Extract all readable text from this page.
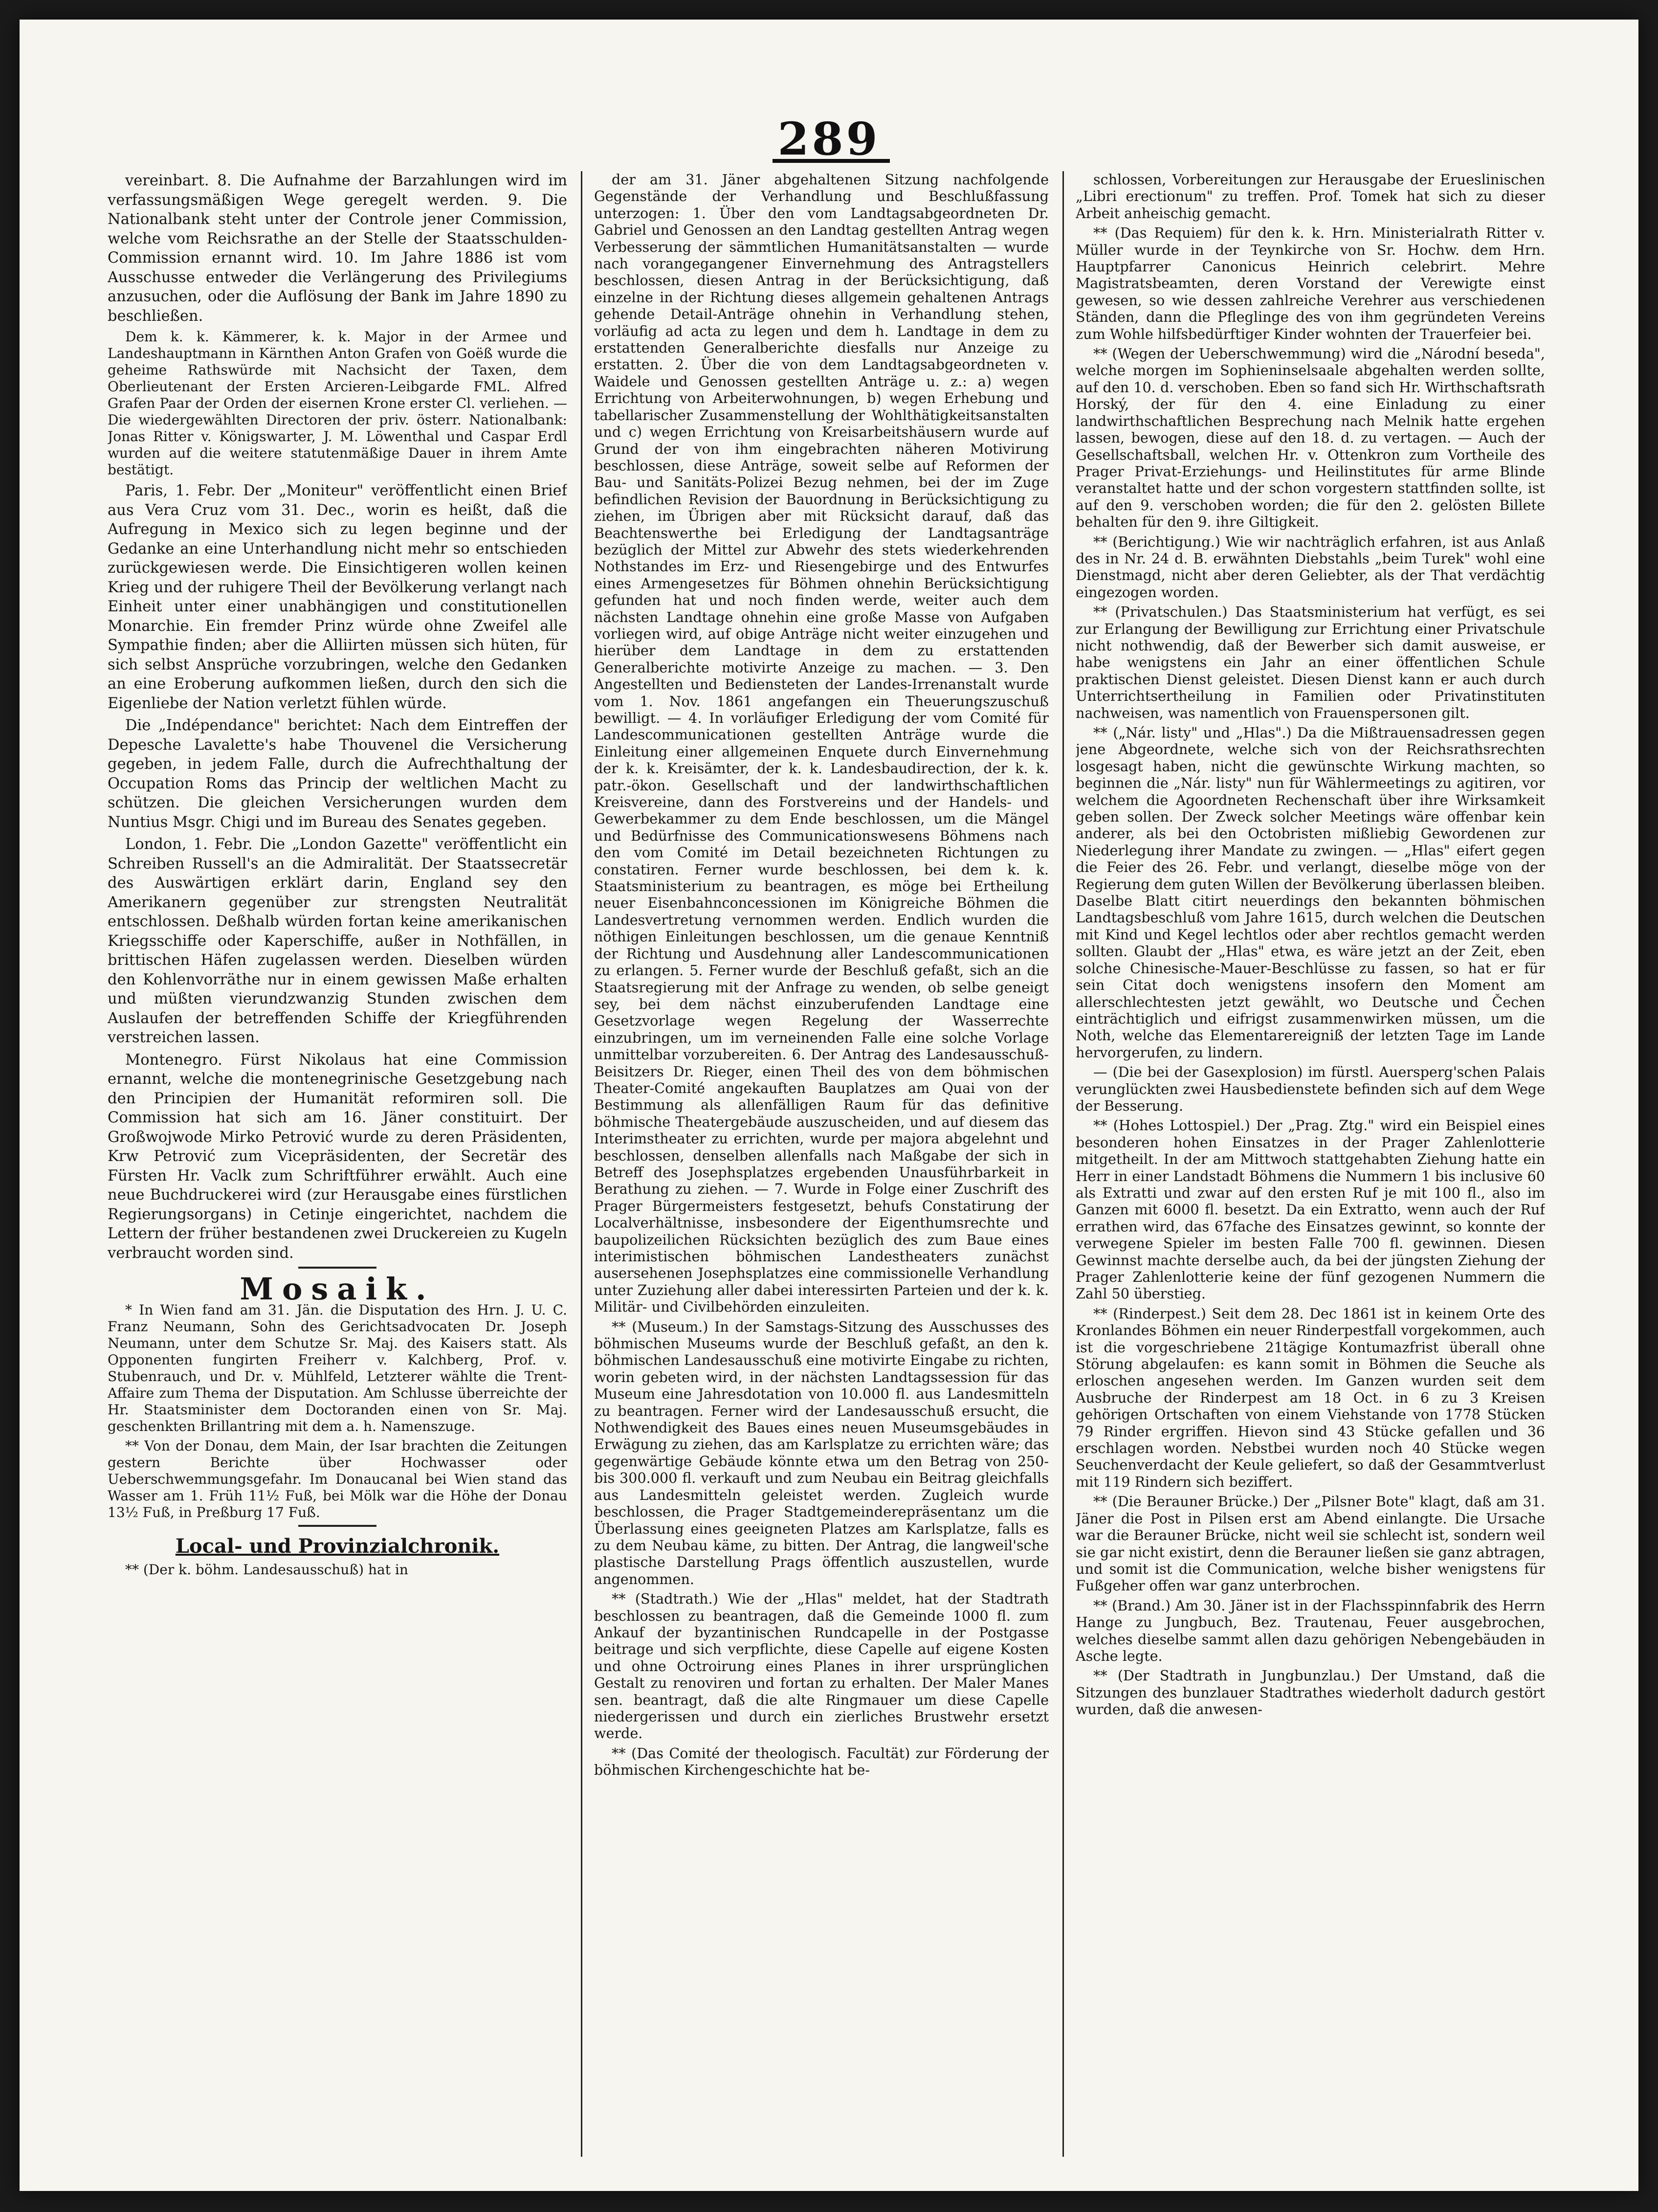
289

vereinbart. 8. Die Aufnahme der Barzahlungen wird im verfassungsmäßigen Wege geregelt werden. 9. Die Nationalbank steht unter der Controle jener Commission, welche vom Reichsrathe an der Stelle der Staatsschulden-Commission ernannt wird. 10. Im Jahre 1886 ist vom Ausschusse entweder die Verlängerung des Privilegiums anzusuchen, oder die Auflösung der Bank im Jahre 1890 zu beschließen.

Dem k. k. Kämmerer, k. k. Major in der Armee und Landeshauptmann in Kärnthen Anton Grafen von Goëß wurde die geheime Rathswürde mit Nachsicht der Taxen, dem Oberlieutenant der Ersten Arcieren-Leibgarde FML. Alfred Grafen Paar der Orden der eisernen Krone erster Cl. verliehen. — Die wiedergewählten Directoren der priv. österr. Nationalbank: Jonas Ritter v. Königswarter, J. M. Löwenthal und Caspar Erdl wurden auf die weitere statutenmäßige Dauer in ihrem Amte bestätigt.

Paris, 1. Febr. Der „Moniteur" veröffentlicht einen Brief aus Vera Cruz vom 31. Dec., worin es heißt, daß die Aufregung in Mexico sich zu legen beginne und der Gedanke an eine Unterhandlung nicht mehr so entschieden zurückgewiesen werde. Die Einsichtigeren wollen keinen Krieg und der ruhigere Theil der Bevölkerung verlangt nach Einheit unter einer unabhängigen und constitutionellen Monarchie. Ein fremder Prinz würde ohne Zweifel alle Sympathie finden; aber die Alliirten müssen sich hüten, für sich selbst Ansprüche vorzubringen, welche den Gedanken an eine Eroberung aufkommen ließen, durch den sich die Eigenliebe der Nation verletzt fühlen würde.

Die „Indépendance" berichtet: Nach dem Eintreffen der Depesche Lavalette's habe Thouvenel die Versicherung gegeben, in jedem Falle, durch die Aufrechthaltung der Occupation Roms das Princip der weltlichen Macht zu schützen. Die gleichen Versicherungen wurden dem Nuntius Msgr. Chigi und im Bureau des Senates gegeben.

London, 1. Febr. Die „London Gazette" veröffentlicht ein Schreiben Russell's an die Admiralität. Der Staatssecretär des Auswärtigen erklärt darin, England sey den Amerikanern gegenüber zur strengsten Neutralität entschlossen. Deßhalb würden fortan keine amerikanischen Kriegsschiffe oder Kaperschiffe, außer in Nothfällen, in brittischen Häfen zugelassen werden. Dieselben würden den Kohlenvorräthe nur in einem gewissen Maße erhalten und müßten vierundzwanzig Stunden zwischen dem Auslaufen der betreffenden Schiffe der Kriegführenden verstreichen lassen.

Montenegro. Fürst Nikolaus hat eine Commission ernannt, welche die montenegrinische Gesetzgebung nach den Principien der Humanität reformiren soll. Die Commission hat sich am 16. Jäner constituirt. Der Großwojwode Mirko Petrović wurde zu deren Präsidenten, Krw Petrović zum Vicepräsidenten, der Secretär des Fürsten Hr. Vaclk zum Schriftführer erwählt. Auch eine neue Buchdruckerei wird (zur Herausgabe eines fürstlichen Regierungsorgans) in Cetinje eingerichtet, nachdem die Lettern der früher bestandenen zwei Druckereien zu Kugeln verbraucht worden sind.

Mosaik.

* In Wien fand am 31. Jän. die Disputation des Hrn. J. U. C. Franz Neumann, Sohn des Gerichtsadvocaten Dr. Joseph Neumann, unter dem Schutze Sr. Maj. des Kaisers statt. Als Opponenten fungirten Freiherr v. Kalchberg, Prof. v. Stubenrauch, und Dr. v. Mühlfeld, Letzterer wählte die Trent-Affaire zum Thema der Disputation. Am Schlusse überreichte der Hr. Staatsminister dem Doctoranden einen von Sr. Maj. geschenkten Brillantring mit dem a. h. Namenszuge.

** Von der Donau, dem Main, der Isar brachten die Zeitungen gestern Berichte über Hochwasser oder Ueberschwemmungsgefahr. Im Donaucanal bei Wien stand das Wasser am 1. Früh 11½ Fuß, bei Mölk war die Höhe der Donau 13½ Fuß, in Preßburg 17 Fuß.

Local- und Provinzialchronik.

** (Der k. böhm. Landesausschuß) hat in

der am 31. Jäner abgehaltenen Sitzung nachfolgende Gegenstände der Verhandlung und Beschlußfassung unterzogen: 1. Über den vom Landtagsabgeordneten Dr. Gabriel und Genossen an den Landtag gestellten Antrag wegen Verbesserung der sämmtlichen Humanitätsanstalten — wurde nach vorangegangener Einvernehmung des Antragstellers beschlossen, diesen Antrag in der Berücksichtigung, daß einzelne in der Richtung dieses allgemein gehaltenen Antrags gehende Detail-Anträge ohnehin in Verhandlung stehen, vorläufig ad acta zu legen und dem h. Landtage in dem zu erstattenden Generalberichte diesfalls nur Anzeige zu erstatten. 2. Über die von dem Landtagsabgeordneten v. Waidele und Genossen gestellten Anträge u. z.: a) wegen Errichtung von Arbeiterwohnungen, b) wegen Erhebung und tabellarischer Zusammenstellung der Wohlthätigkeitsanstalten und c) wegen Errichtung von Kreisarbeitshäusern wurde auf Grund der von ihm eingebrachten näheren Motivirung beschlossen, diese Anträge, soweit selbe auf Reformen der Bau- und Sanitäts-Polizei Bezug nehmen, bei der im Zuge befindlichen Revision der Bauordnung in Berücksichtigung zu ziehen, im Übrigen aber mit Rücksicht darauf, daß das Beachtenswerthe bei Erledigung der Landtagsanträge bezüglich der Mittel zur Abwehr des stets wiederkehrenden Nothstandes im Erz- und Riesengebirge und des Entwurfes eines Armengesetzes für Böhmen ohnehin Berücksichtigung gefunden hat und noch finden werde, weiter auch dem nächsten Landtage ohnehin eine große Masse von Aufgaben vorliegen wird, auf obige Anträge nicht weiter einzugehen und hierüber dem Landtage in dem zu erstattenden Generalberichte motivirte Anzeige zu machen. — 3. Den Angestellten und Bediensteten der Landes-Irrenanstalt wurde vom 1. Nov. 1861 angefangen ein Theuerungszuschuß bewilligt. — 4. In vorläufiger Erledigung der vom Comité für Landescommunicationen gestellten Anträge wurde die Einleitung einer allgemeinen Enquete durch Einvernehmung der k. k. Kreisämter, der k. k. Landesbaudirection, der k. k. patr.-ökon. Gesellschaft und der landwirthschaftlichen Kreisvereine, dann des Forstvereins und der Handels- und Gewerbekammer zu dem Ende beschlossen, um die Mängel und Bedürfnisse des Communicationswesens Böhmens nach den vom Comité im Detail bezeichneten Richtungen zu constatiren. Ferner wurde beschlossen, bei dem k. k. Staatsministerium zu beantragen, es möge bei Ertheilung neuer Eisenbahnconcessionen im Königreiche Böhmen die Landesvertretung vernommen werden. Endlich wurden die nöthigen Einleitungen beschlossen, um die genaue Kenntniß der Richtung und Ausdehnung aller Landescommunicationen zu erlangen. 5. Ferner wurde der Beschluß gefaßt, sich an die Staatsregierung mit der Anfrage zu wenden, ob selbe geneigt sey, bei dem nächst einzuberufenden Landtage eine Gesetzvorlage wegen Regelung der Wasserrechte einzubringen, um im verneinenden Falle eine solche Vorlage unmittelbar vorzubereiten. 6. Der Antrag des Landesausschuß-Beisitzers Dr. Rieger, einen Theil des von dem böhmischen Theater-Comité angekauften Bauplatzes am Quai von der Bestimmung als allenfälligen Raum für das definitive böhmische Theatergebäude auszuscheiden, und auf diesem das Interimstheater zu errichten, wurde per majora abgelehnt und beschlossen, denselben allenfalls nach Maßgabe der sich in Betreff des Josephsplatzes ergebenden Unausführbarkeit in Berathung zu ziehen. — 7. Wurde in Folge einer Zuschrift des Prager Bürgermeisters festgesetzt, behufs Constatirung der Localverhältnisse, insbesondere der Eigenthumsrechte und baupolizeilichen Rücksichten bezüglich des zum Baue eines interimistischen böhmischen Landestheaters zunächst ausersehenen Josephsplatzes eine commissionelle Verhandlung unter Zuziehung aller dabei interessirten Parteien und der k. k. Militär- und Civilbehörden einzuleiten.

** (Museum.) In der Samstags-Sitzung des Ausschusses des böhmischen Museums wurde der Beschluß gefaßt, an den k. böhmischen Landesausschuß eine motivirte Eingabe zu richten, worin gebeten wird, in der nächsten Landtagssession für das Museum eine Jahresdotation von 10.000 fl. aus Landesmitteln zu beantragen. Ferner wird der Landesausschuß ersucht, die Nothwendigkeit des Baues eines neuen Museumsgebäudes in Erwägung zu ziehen, das am Karlsplatze zu errichten wäre; das gegenwärtige Gebäude könnte etwa um den Betrag von 250- bis 300.000 fl. verkauft und zum Neubau ein Beitrag gleichfalls aus Landesmitteln geleistet werden. Zugleich wurde beschlossen, die Prager Stadtgemeinderepräsentanz um die Überlassung eines geeigneten Platzes am Karlsplatze, falls es zu dem Neubau käme, zu bitten. Der Antrag, die langweil'sche plastische Darstellung Prags öffentlich auszustellen, wurde angenommen.

** (Stadtrath.) Wie der „Hlas" meldet, hat der Stadtrath beschlossen zu beantragen, daß die Gemeinde 1000 fl. zum Ankauf der byzantinischen Rundcapelle in der Postgasse beitrage und sich verpflichte, diese Capelle auf eigene Kosten und ohne Octroirung eines Planes in ihrer ursprünglichen Gestalt zu renoviren und fortan zu erhalten. Der Maler Manes sen. beantragt, daß die alte Ringmauer um diese Capelle niedergerissen und durch ein zierliches Brustwehr ersetzt werde.

** (Das Comité der theologisch. Facultät) zur Förderung der böhmischen Kirchengeschichte hat be-

schlossen, Vorbereitungen zur Herausgabe der Erueslinischen „Libri erectionum" zu treffen. Prof. Tomek hat sich zu dieser Arbeit anheischig gemacht.

** (Das Requiem) für den k. k. Hrn. Ministerialrath Ritter v. Müller wurde in der Teynkirche von Sr. Hochw. dem Hrn. Hauptpfarrer Canonicus Heinrich celebrirt. Mehre Magistratsbeamten, deren Vorstand der Verewigte einst gewesen, so wie dessen zahlreiche Verehrer aus verschiedenen Ständen, dann die Pfleglinge des von ihm gegründeten Vereins zum Wohle hilfsbedürftiger Kinder wohnten der Trauerfeier bei.

** (Wegen der Ueberschwemmung) wird die „Národní beseda", welche morgen im Sophieninselsaale abgehalten werden sollte, auf den 10. d. verschoben. Eben so fand sich Hr. Wirthschaftsrath Horský, der für den 4. eine Einladung zu einer landwirthschaftlichen Besprechung nach Melnik hatte ergehen lassen, bewogen, diese auf den 18. d. zu vertagen. — Auch der Gesellschaftsball, welchen Hr. v. Ottenkron zum Vortheile des Prager Privat-Erziehungs- und Heilinstitutes für arme Blinde veranstaltet hatte und der schon vorgestern stattfinden sollte, ist auf den 9. verschoben worden; die für den 2. gelösten Billete behalten für den 9. ihre Giltigkeit.

** (Berichtigung.) Wie wir nachträglich erfahren, ist aus Anlaß des in Nr. 24 d. B. erwähnten Diebstahls „beim Turek" wohl eine Dienstmagd, nicht aber deren Geliebter, als der That verdächtig eingezogen worden.

** (Privatschulen.) Das Staatsministerium hat verfügt, es sei zur Erlangung der Bewilligung zur Errichtung einer Privatschule nicht nothwendig, daß der Bewerber sich damit ausweise, er habe wenigstens ein Jahr an einer öffentlichen Schule praktischen Dienst geleistet. Diesen Dienst kann er auch durch Unterrichtsertheilung in Familien oder Privatinstituten nachweisen, was namentlich von Frauenspersonen gilt.

** („Nár. listy" und „Hlas".) Da die Mißtrauensadressen gegen jene Abgeordnete, welche sich von der Reichsrathsrechten losgesagt haben, nicht die gewünschte Wirkung machten, so beginnen die „Nár. listy" nun für Wählermeetings zu agitiren, vor welchem die Agoordneten Rechenschaft über ihre Wirksamkeit geben sollen. Der Zweck solcher Meetings wäre offenbar kein anderer, als bei den Octobristen mißliebig Gewordenen zur Niederlegung ihrer Mandate zu zwingen. — „Hlas" eifert gegen die Feier des 26. Febr. und verlangt, dieselbe möge von der Regierung dem guten Willen der Bevölkerung überlassen bleiben. Daselbe Blatt citirt neuerdings den bekannten böhmischen Landtagsbeschluß vom Jahre 1615, durch welchen die Deutschen mit Kind und Kegel lechtlos oder aber rechtlos gemacht werden sollten. Glaubt der „Hlas" etwa, es wäre jetzt an der Zeit, eben solche Chinesische-Mauer-Beschlüsse zu fassen, so hat er für sein Citat doch wenigstens insofern den Moment am allerschlechtesten jetzt gewählt, wo Deutsche und Čechen einträchtiglich und eifrigst zusammenwirken müssen, um die Noth, welche das Elementarereigniß der letzten Tage im Lande hervorgerufen, zu lindern.

— (Die bei der Gasexplosion) im fürstl. Auersperg'schen Palais verunglückten zwei Hausbedienstete befinden sich auf dem Wege der Besserung.

** (Hohes Lottospiel.) Der „Prag. Ztg." wird ein Beispiel eines besonderen hohen Einsatzes in der Prager Zahlenlotterie mitgetheilt. In der am Mittwoch stattgehabten Ziehung hatte ein Herr in einer Landstadt Böhmens die Nummern 1 bis inclusive 60 als Extratti und zwar auf den ersten Ruf je mit 100 fl., also im Ganzen mit 6000 fl. besetzt. Da ein Extratto, wenn auch der Ruf errathen wird, das 67fache des Einsatzes gewinnt, so konnte der verwegene Spieler im besten Falle 700 fl. gewinnen. Diesen Gewinnst machte derselbe auch, da bei der jüngsten Ziehung der Prager Zahlenlotterie keine der fünf gezogenen Nummern die Zahl 50 überstieg.

** (Rinderpest.) Seit dem 28. Dec 1861 ist in keinem Orte des Kronlandes Böhmen ein neuer Rinderpestfall vorgekommen, auch ist die vorgeschriebene 21tägige Kontumazfrist überall ohne Störung abgelaufen: es kann somit in Böhmen die Seuche als erloschen angesehen werden. Im Ganzen wurden seit dem Ausbruche der Rinderpest am 18 Oct. in 6 zu 3 Kreisen gehörigen Ortschaften von einem Viehstande von 1778 Stücken 79 Rinder ergriffen. Hievon sind 43 Stücke gefallen und 36 erschlagen worden. Nebstbei wurden noch 40 Stücke wegen Seuchenverdacht der Keule geliefert, so daß der Gesammtverlust mit 119 Rindern sich beziffert.

** (Die Berauner Brücke.) Der „Pilsner Bote" klagt, daß am 31. Jäner die Post in Pilsen erst am Abend einlangte. Die Ursache war die Berauner Brücke, nicht weil sie schlecht ist, sondern weil sie gar nicht existirt, denn die Berauner ließen sie ganz abtragen, und somit ist die Communication, welche bisher wenigstens für Fußgeher offen war ganz unterbrochen.

** (Brand.) Am 30. Jäner ist in der Flachsspinnfabrik des Herrn Hange zu Jungbuch, Bez. Trautenau, Feuer ausgebrochen, welches dieselbe sammt allen dazu gehörigen Nebengebäuden in Asche legte.

** (Der Stadtrath in Jungbunzlau.) Der Umstand, daß die Sitzungen des bunzlauer Stadtrathes wiederholt dadurch gestört wurden, daß die anwesen-
